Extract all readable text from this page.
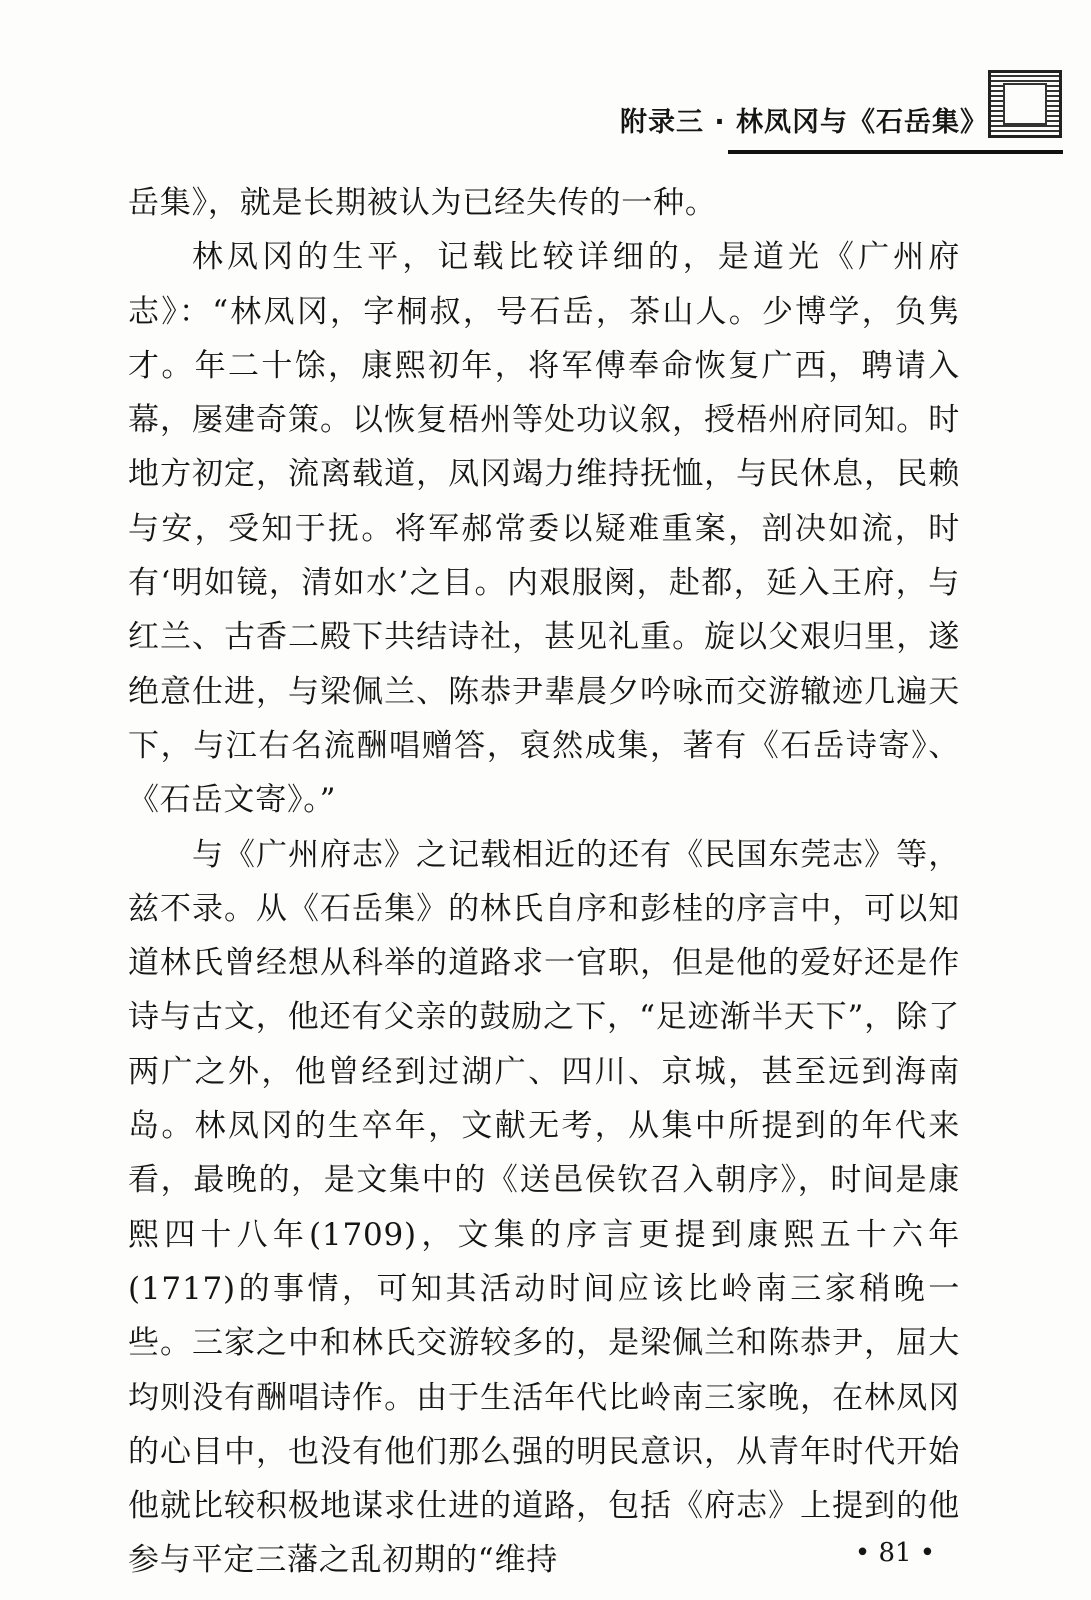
附录三 · 林凤冈与《石岳集》

岳集》，就是长期被认为已经失传的一种。

林凤冈的生平，记载比较详细的，是道光《广州府志》：“林凤冈，字桐叔，号石岳，茶山人。少博学，负隽才。年二十馀，康熙初年，将军傅奉命恢复广西，聘请入幕，屡建奇策。以恢复梧州等处功议叙，授梧州府同知。时地方初定，流离载道，凤冈竭力维持抚恤，与民休息，民赖与安，受知于抚。将军郝常委以疑难重案，剖决如流，时有‘明如镜，清如水’之目。内艰服阕，赴都，延入王府，与红兰、古香二殿下共结诗社，甚见礼重。旋以父艰归里，遂绝意仕进，与梁佩兰、陈恭尹辈晨夕吟咏而交游辙迹几遍天下，与江右名流酬唱赠答，裒然成集，著有《石岳诗寄》、《石岳文寄》。”

与《广州府志》之记载相近的还有《民国东莞志》等，兹不录。从《石岳集》的林氏自序和彭桂的序言中，可以知道林氏曾经想从科举的道路求一官职，但是他的爱好还是作诗与古文，他还有父亲的鼓励之下，“足迹渐半天下”，除了两广之外，他曾经到过湖广、四川、京城，甚至远到海南岛。林凤冈的生卒年，文献无考，从集中所提到的年代来看，最晚的，是文集中的《送邑侯钦召入朝序》，时间是康熙四十八年(1709)，文集的序言更提到康熙五十六年(1717)的事情，可知其活动时间应该比岭南三家稍晚一些。三家之中和林氏交游较多的，是梁佩兰和陈恭尹，屈大均则没有酬唱诗作。由于生活年代比岭南三家晚，在林凤冈的心目中，也没有他们那么强的明民意识，从青年时代开始他就比较积极地谋求仕进的道路，包括《府志》上提到的他参与平定三藩之乱初期的“维持	• 81 •
